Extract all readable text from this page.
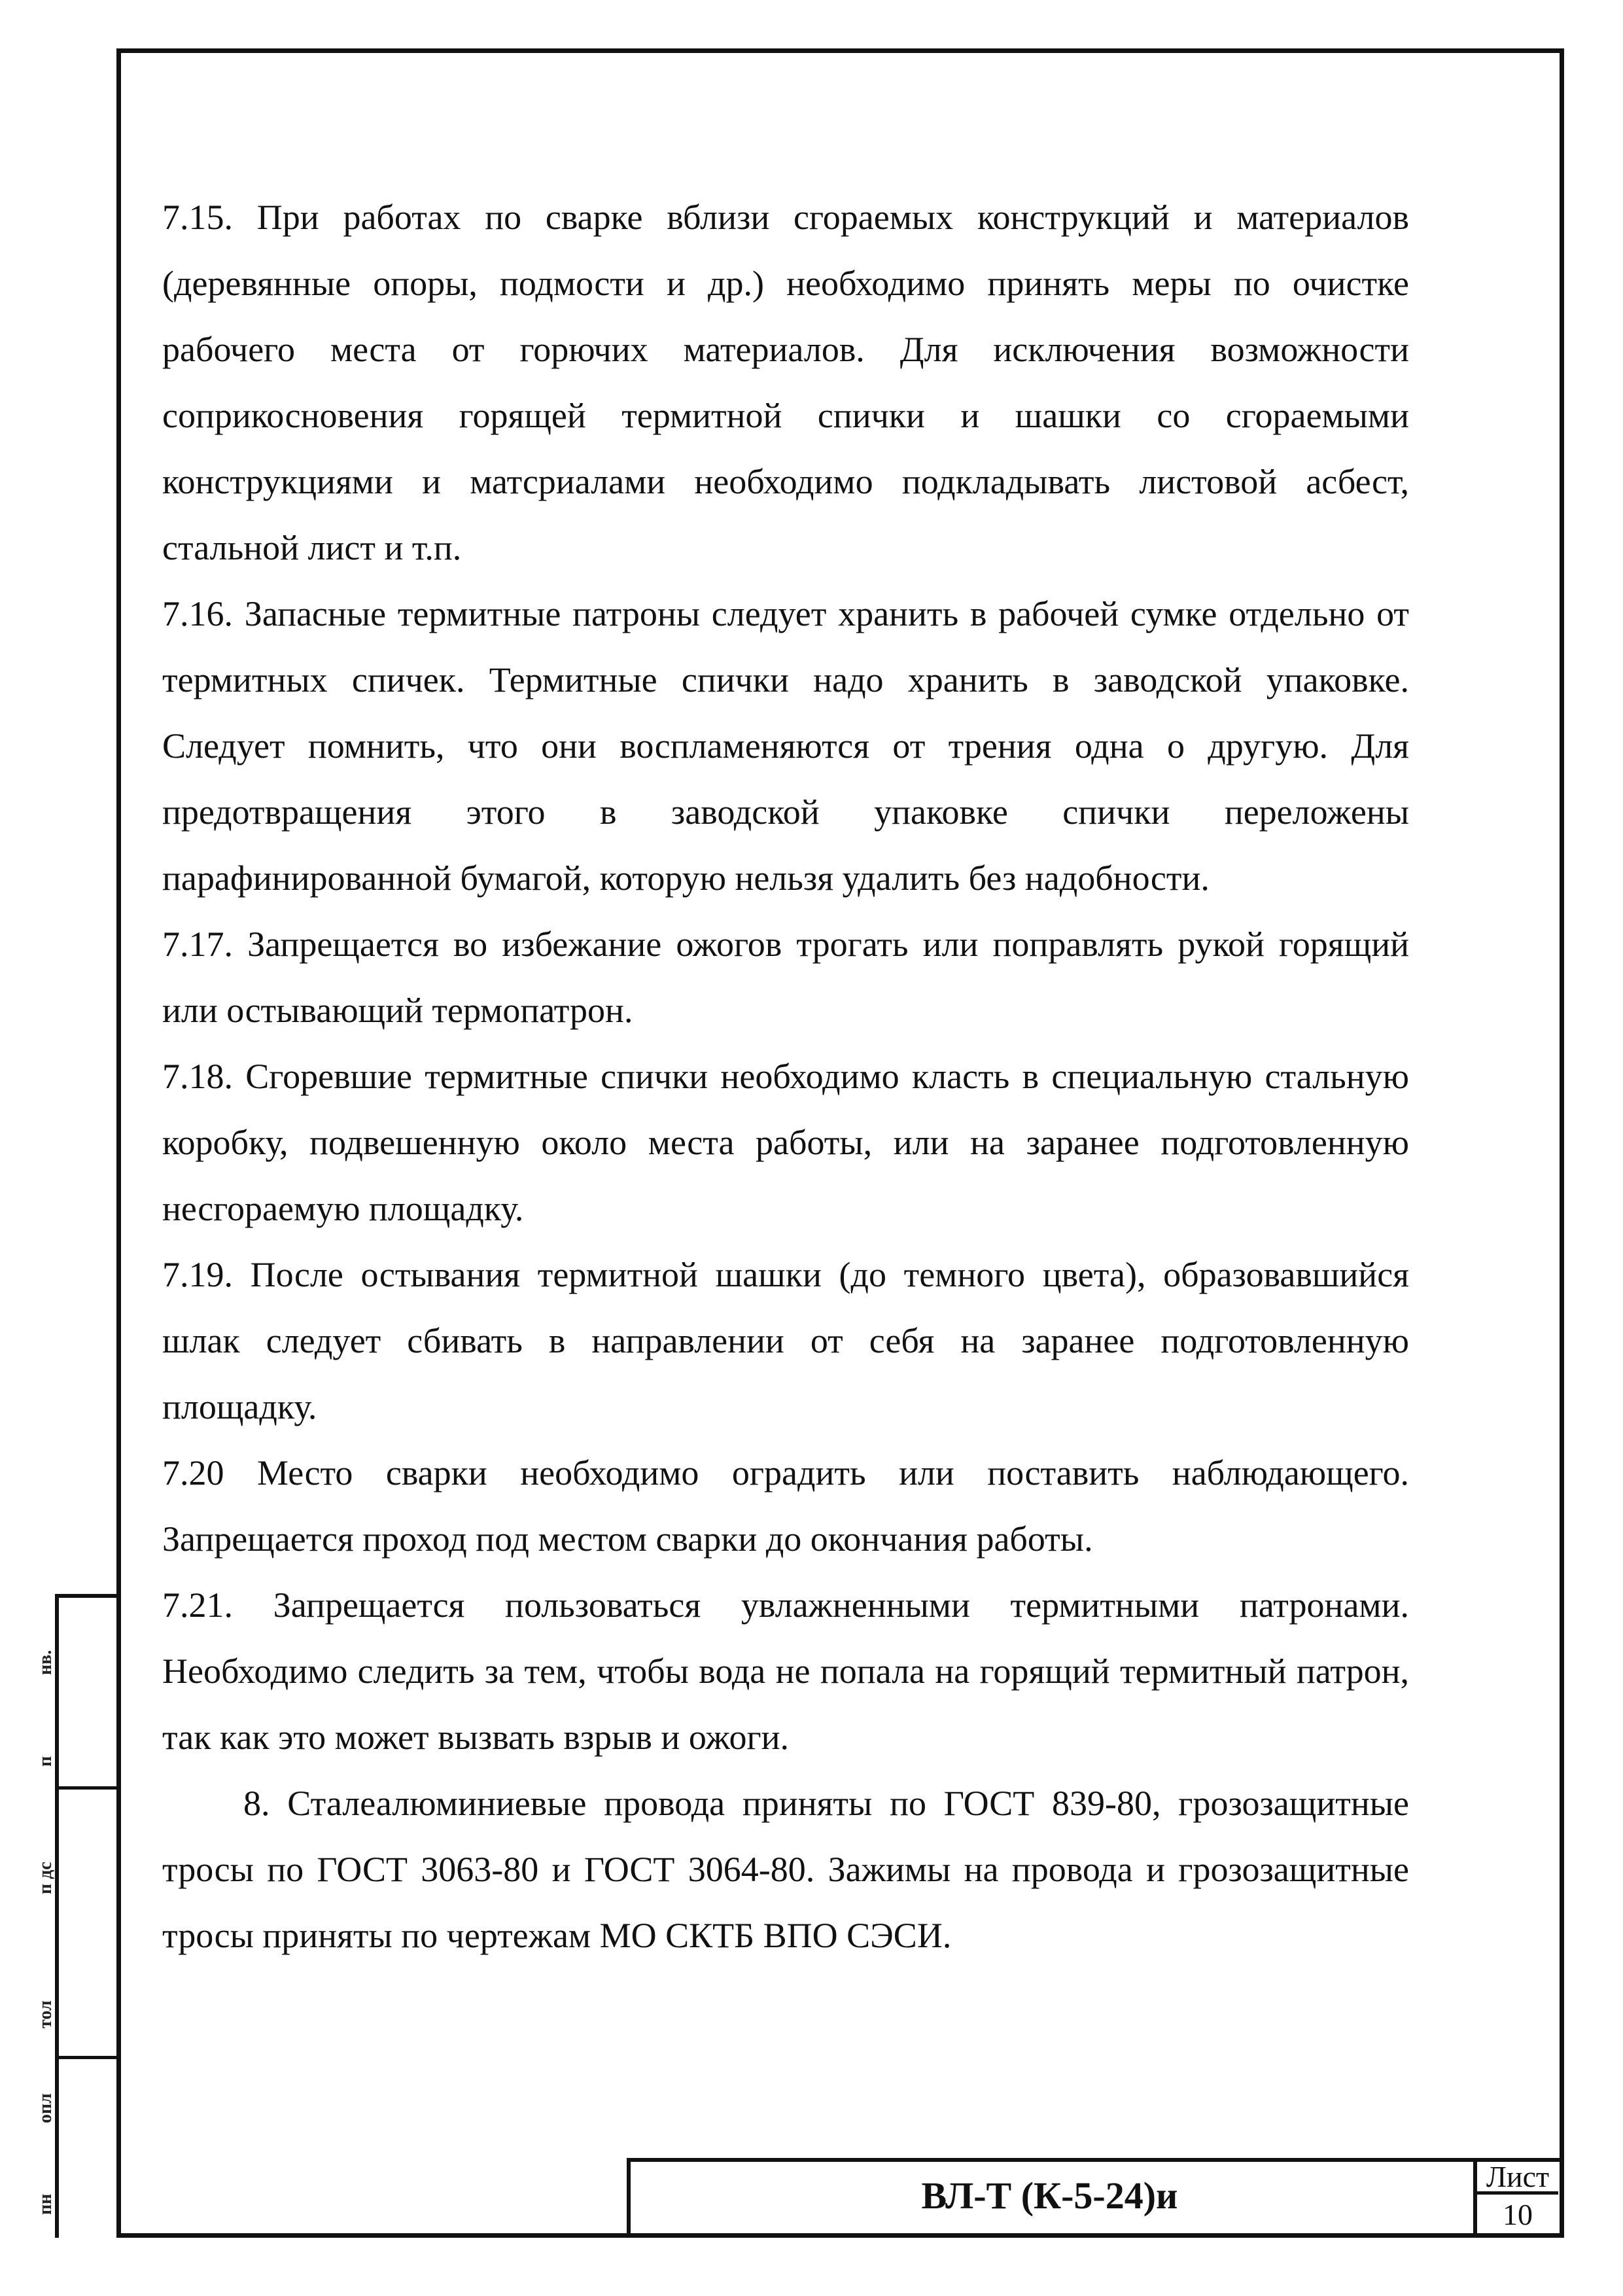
7.15. При работах по сварке вблизи сгораемых конструкций и материалов (деревянные опоры, подмости и др.) необходимо принять меры по очистке рабочего места от горючих материалов. Для исключения возможности соприкосновения горящей термитной спички и шашки со сгораемыми конструкциями и матсриалами необходимо подкладывать листовой асбест, стальной лист и т.п.

7.16. Запасные термитные патроны следует хранить в рабочей сумке отдельно от термитных спичек. Термитные спички надо хранить в заводской упаковке. Следует помнить, что они воспламеняются от трения одна о другую. Для предотвращения этого в заводской упаковке спички переложены парафинированной бумагой, которую нельзя удалить без надобности.

7.17. Запрещается во избежание ожогов трогать или поправлять рукой горящий или остывающий термопатрон.

7.18. Сгоревшие термитные спички необходимо класть в специальную стальную коробку, подвешенную около места работы, или на заранее подготовленную несгораемую площадку.

7.19. После остывания термитной шашки (до темного цвета), образовавшийся шлак следует сбивать в направлении от себя на заранее подготовленную площадку.

7.20 Место сварки необходимо оградить или поставить наблюдающего. Запрещается проход под местом сварки до окончания работы.

7.21. Запрещается пользоваться увлажненными термитными патронами. Необходимо следить за тем, чтобы вода не попала на горящий термитный патрон, так как это может вызвать взрыв и ожоги.

8. Сталеалюминиевые провода приняты по ГОСТ 839-80, грозозащитные тросы по ГОСТ 3063-80 и ГОСТ 3064-80. Зажимы на провода и грозозащитные тросы приняты по чертежам МО СКТБ ВПО СЭСИ.

нв.
п
п дс
тол
опл
пн	ВЛ-Т (К-5-24)и	Лист
10
